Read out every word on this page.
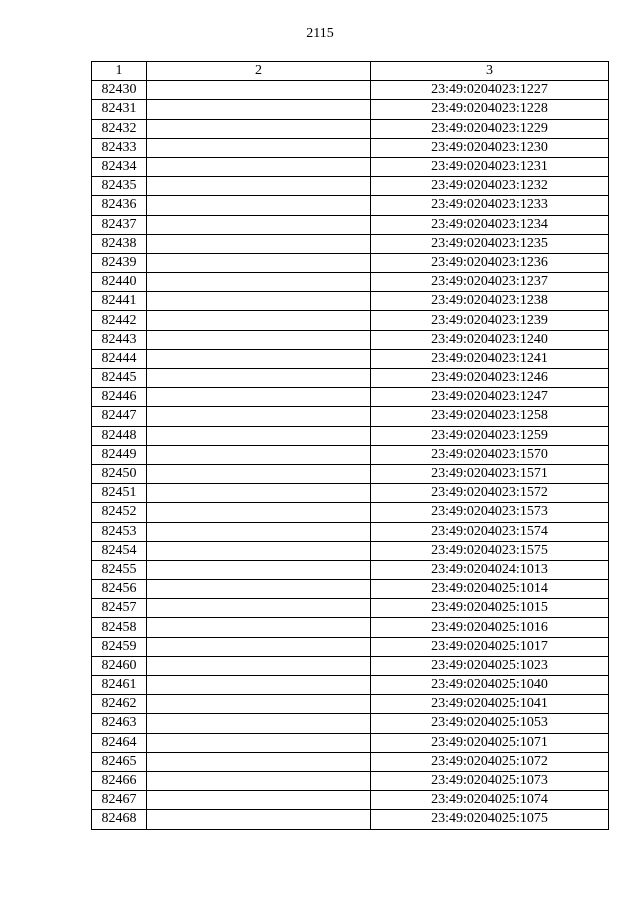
2115
1	2	3
82430		23:49:0204023:1227
82431		23:49:0204023:1228
82432		23:49:0204023:1229
82433		23:49:0204023:1230
82434		23:49:0204023:1231
82435		23:49:0204023:1232
82436		23:49:0204023:1233
82437		23:49:0204023:1234
82438		23:49:0204023:1235
82439		23:49:0204023:1236
82440		23:49:0204023:1237
82441		23:49:0204023:1238
82442		23:49:0204023:1239
82443		23:49:0204023:1240
82444		23:49:0204023:1241
82445		23:49:0204023:1246
82446		23:49:0204023:1247
82447		23:49:0204023:1258
82448		23:49:0204023:1259
82449		23:49:0204023:1570
82450		23:49:0204023:1571
82451		23:49:0204023:1572
82452		23:49:0204023:1573
82453		23:49:0204023:1574
82454		23:49:0204023:1575
82455		23:49:0204024:1013
82456		23:49:0204025:1014
82457		23:49:0204025:1015
82458		23:49:0204025:1016
82459		23:49:0204025:1017
82460		23:49:0204025:1023
82461		23:49:0204025:1040
82462		23:49:0204025:1041
82463		23:49:0204025:1053
82464		23:49:0204025:1071
82465		23:49:0204025:1072
82466		23:49:0204025:1073
82467		23:49:0204025:1074
82468		23:49:0204025:1075
